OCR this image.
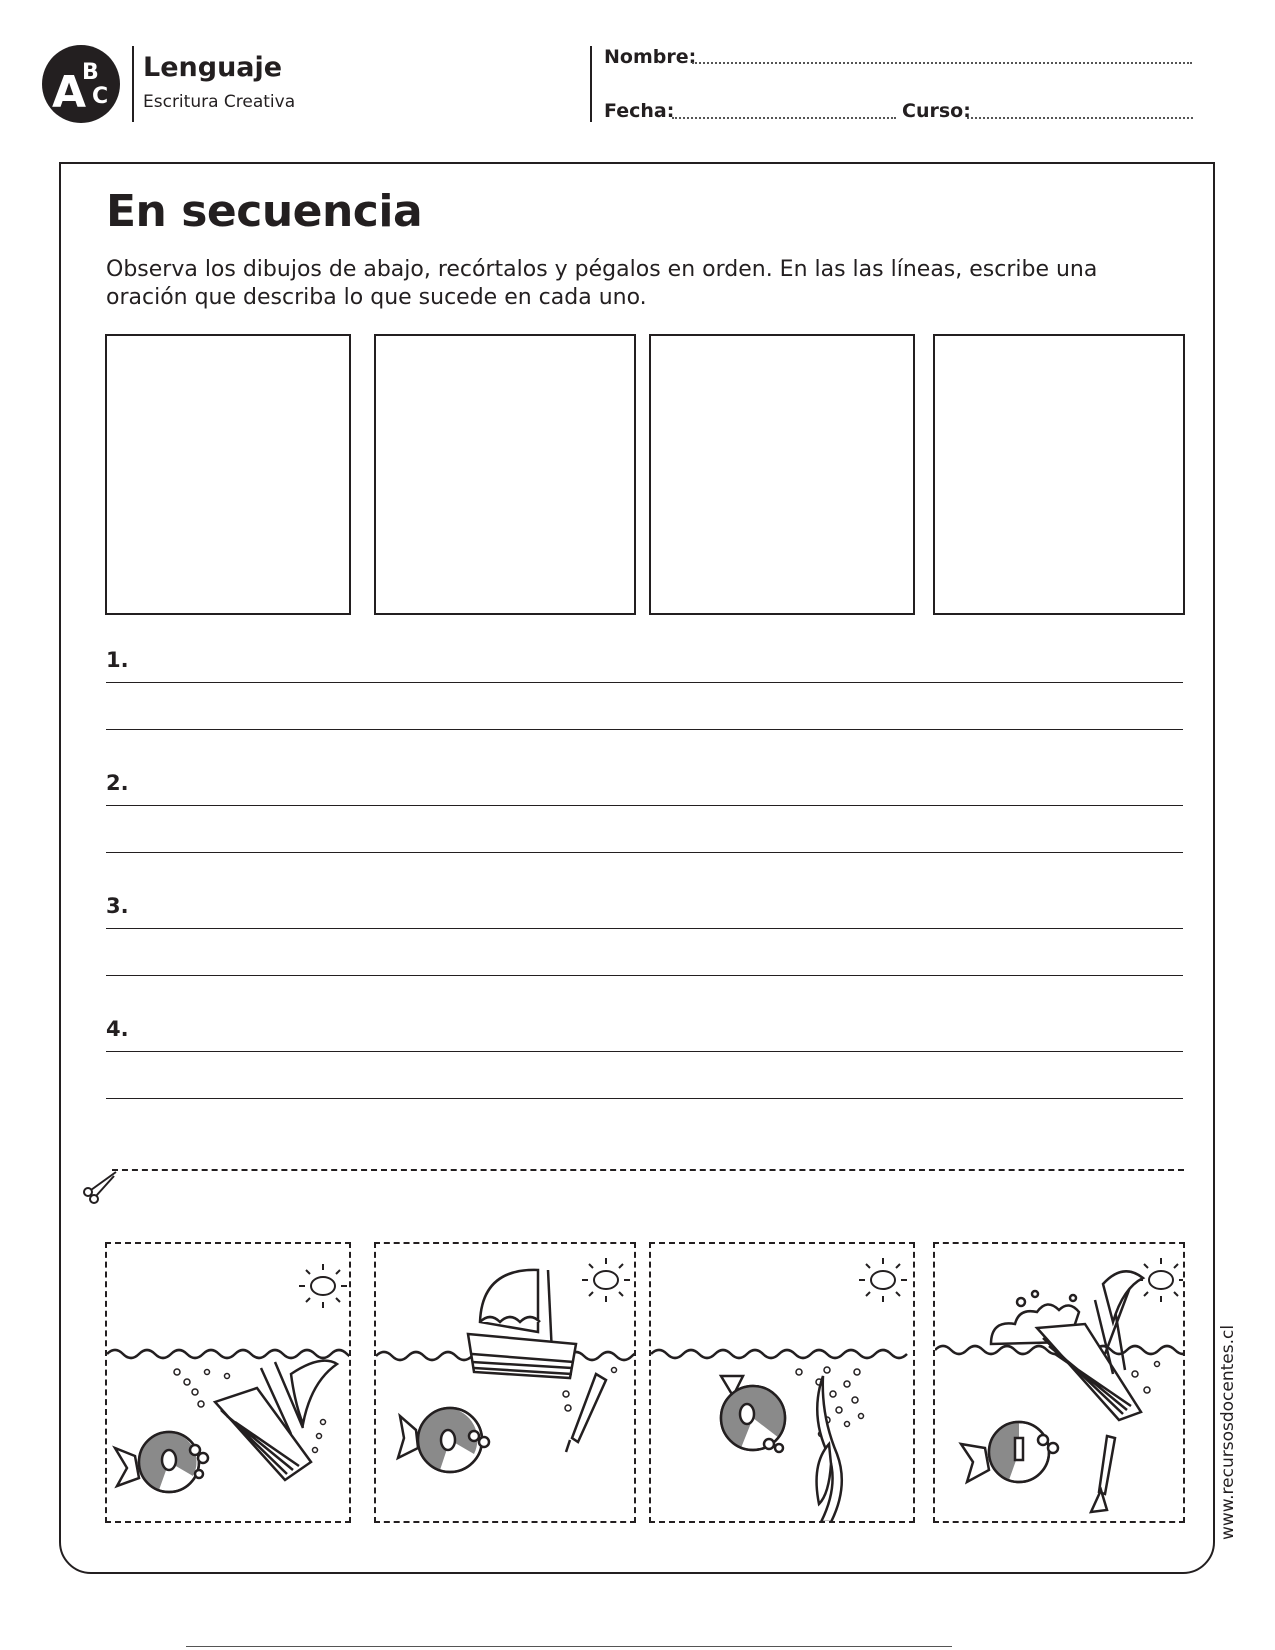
A
B
C
Lenguaje
Escritura Creativa
Nombre:
Fecha:	Curso:
En secuencia
Observa los dibujos de abajo, recórtalos y pégalos en orden. En las las líneas, escribe una oración que describa lo que sucede en cada uno.
1.
2.
3.
4.
www.recursosdocentes.cl
